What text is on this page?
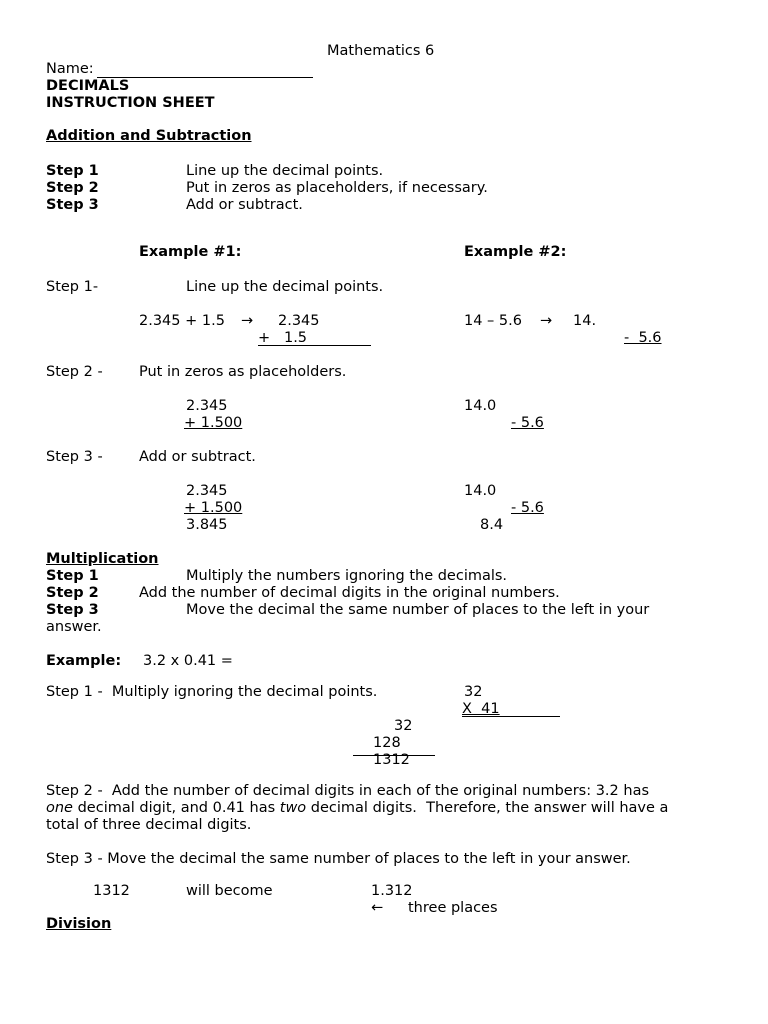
Mathematics 6
Name:
DECIMALS
INSTRUCTION SHEET
Addition and Subtraction
Step 1	Line up the decimal points.
Step 2	Put in zeros as placeholders, if necessary.
Step 3	Add or subtract.
Example #1:	Example #2:
Step 1-	Line up the decimal points.
2.345 + 1.5 → 2.345
+   1.5
14 – 5.6 → 14.
-  5.6
Step 2 -	Put in zeros as placeholders.
2.345
+ 1.500
14.0
- 5.6
Step 3 -	Add or subtract.
2.345
+ 1.500
3.845
14.0
- 5.6
8.4
Multiplication
Step 1	Multiply the numbers ignoring the decimals.
Step 2	Add the number of decimal digits in the original numbers.
Step 3	Move the decimal the same number of places to the left in your
answer.
Example: 3.2 x 0.41 =
Step 1 -  Multiply ignoring the decimal points.	32
X  41
32
128
1312
Step 2 -  Add the number of decimal digits in each of the original numbers: 3.2 has
one decimal digit, and 0.41 has two decimal digits.  Therefore, the answer will have a
total of three decimal digits.
Step 3 - Move the decimal the same number of places to the left in your answer.
1312	will become	1.312
← three places
Division
